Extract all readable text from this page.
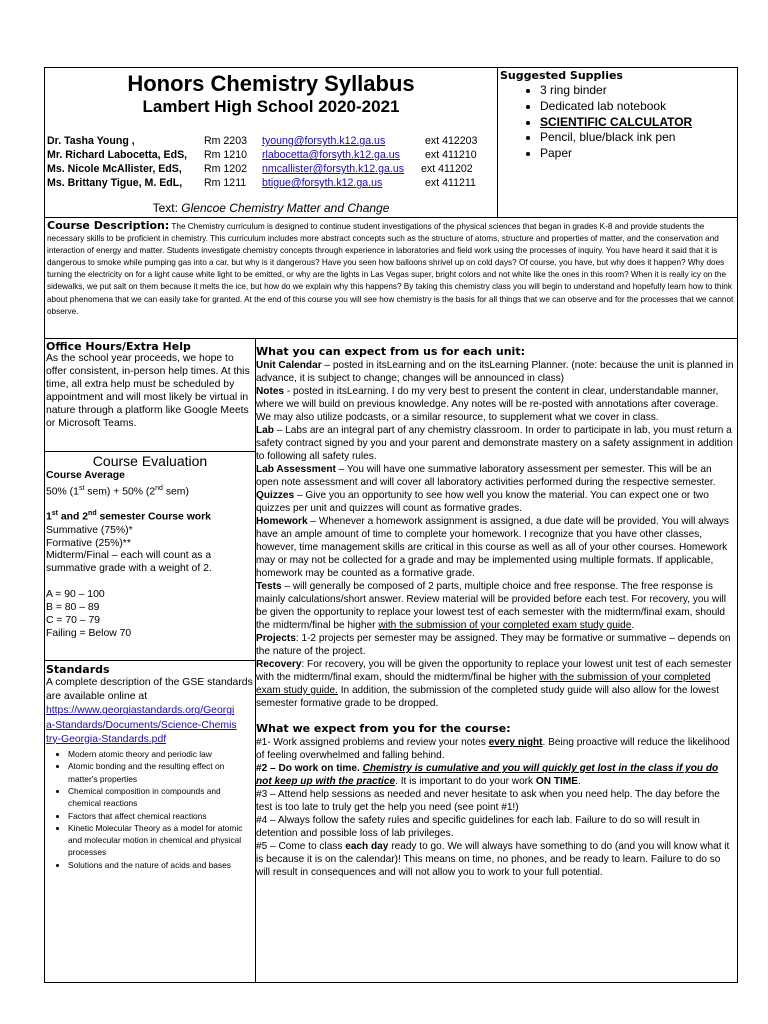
Honors Chemistry Syllabus
Lambert High School 2020-2021
Dr. Tasha Young ,	Rm 2203 tyoung@forsyth.k12.ga.us	ext 412203
Mr. Richard Labocetta, EdS, Rm 1210 rlabocetta@forsyth.k12.ga.us ext 411210
Ms. Nicole McAllister, EdS, Rm 1202 nmcallister@forsyth.k12.ga.us ext 411202
Ms. Brittany Tigue, M. EdL, Rm 1211 btigue@forsyth.k12.ga.us	ext 411211
Text: Glencoe Chemistry Matter and Change
Suggested Supplies
• 3 ring binder
• Dedicated lab notebook
• SCIENTIFIC CALCULATOR
• Pencil, blue/black ink pen
• Paper
Course Description: The Chemistry curriculum is designed to continue student investigations of the physical sciences that began in grades K-8 and provide students the necessary skills to be proficient in chemistry. This curriculum includes more abstract concepts such as the structure of atoms, structure and properties of matter, and the conservation and interaction of energy and matter. Students investigate chemistry concepts through experience in laboratories and field work using the processes of inquiry. You have heard it said that it is dangerous to smoke while pumping gas into a car, but why is it dangerous? Have you seen how balloons shrivel up on cold days? Of course, you have, but why does it happen? Why does turning the electricity on for a light cause white light to be emitted, or why are the lights in Las Vegas super, bright colors and not white like the ones in this room? When it is really icy on the sidewalks, we put salt on them because it melts the ice, but how do we explain why this happens? By taking this chemistry class you will begin to understand and hopefully learn how to think about phenomena that we can easily take for granted. At the end of this course you will see how chemistry is the basis for all things that we can observe and for the processes that we cannot observe.
Office Hours/Extra Help
As the school year proceeds, we hope to offer consistent, in-person help times. At this time, all extra help must be scheduled by appointment and will most likely be virtual in nature through a platform like Google Meets or Microsoft Teams.
Course Evaluation
Course Average
50% (1st sem) + 50% (2nd sem)
1st and 2nd semester Course work
Summative (75%)*
Formative (25%)**
Midterm/Final – each will count as a summative grade with a weight of 2.
A = 90 – 100
B = 80 – 89
C = 70 – 79
Failing = Below 70
Standards
A complete description of the GSE standards are available online at
https://www.georgiastandards.org/Georgi
a-Standards/Documents/Science-Chemis
try-Georgia-Standards.pdf
• Modern atomic theory and periodic law
• Atomic bonding and the resulting effect on matter's properties
• Chemical composition in compounds and chemical reactions
• Factors that affect chemical reactions
• Kinetic Molecular Theory as a model for atomic and molecular motion in chemical and physical processes
• Solutions and the nature of acids and bases
What you can expect from us for each unit:
Unit Calendar – posted in itsLearning and on the itsLearning Planner. (note: because the unit is planned in advance, it is subject to change; changes will be announced in class)
Notes - posted in itsLearning. I do my very best to present the content in clear, understandable manner, where we will build on previous knowledge. Any notes will be re-posted with annotations after coverage. We may also utilize podcasts, or a similar resource, to supplement what we cover in class.
Lab – Labs are an integral part of any chemistry classroom. In order to participate in lab, you must return a safety contract signed by you and your parent and demonstrate mastery on a safety assignment in addition to following all safety rules.
Lab Assessment – You will have one summative laboratory assessment per semester. This will be an open note assessment and will cover all laboratory activities performed during the respective semester.
Quizzes – Give you an opportunity to see how well you know the material. You can expect one or two quizzes per unit and quizzes will count as formative grades.
Homework – Whenever a homework assignment is assigned, a due date will be provided. You will always have an ample amount of time to complete your homework. I recognize that you have other classes, however, time management skills are critical in this course as well as all of your other courses. Homework may or may not be collected for a grade and may be implemented using multiple formats. If applicable, homework may be counted as a formative grade.
Tests – will generally be composed of 2 parts, multiple choice and free response. The free response is mainly calculations/short answer. Review material will be provided before each test. For recovery, you will be given the opportunity to replace your lowest test of each semester with the midterm/final exam, should the midterm/final be higher with the submission of your completed exam study guide.
Projects: 1-2 projects per semester may be assigned. They may be formative or summative – depends on the nature of the project.
Recovery: For recovery, you will be given the opportunity to replace your lowest unit test of each semester with the midterm/final exam, should the midterm/final be higher with the submission of your completed exam study guide. In addition, the submission of the completed study guide will also allow for the lowest semester formative grade to be dropped.
What we expect from you for the course:
#1- Work assigned problems and review your notes every night. Being proactive will reduce the likelihood of feeling overwhelmed and falling behind.
#2 – Do work on time. Chemistry is cumulative and you will quickly get lost in the class if you do not keep up with the practice. It is important to do your work ON TIME.
#3 – Attend help sessions as needed and never hesitate to ask when you need help. The day before the test is too late to truly get the help you need (see point #1!)
#4 – Always follow the safety rules and specific guidelines for each lab. Failure to do so will result in detention and possible loss of lab privileges.
#5 – Come to class each day ready to go. We will always have something to do (and you will know what it is because it is on the calendar)! This means on time, no phones, and be ready to learn. Failure to do so will result in consequences and will not allow you to work to your full potential.
